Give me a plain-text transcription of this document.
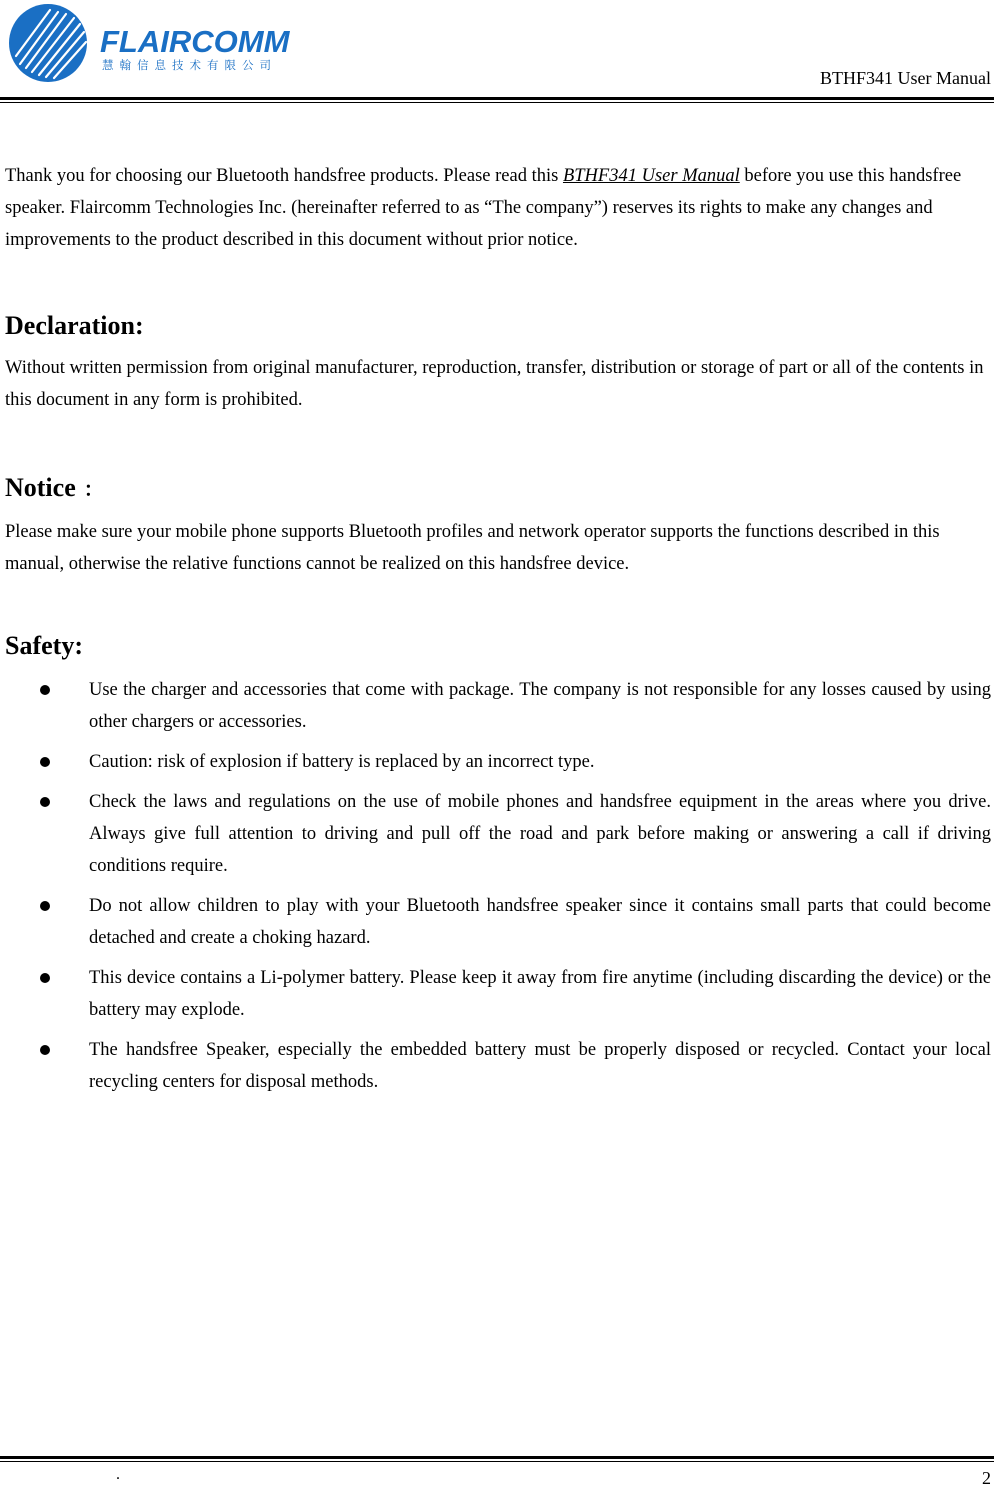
FLAIRCOMM
慧翰信息技术有限公司
BTHF341 User Manual

Thank you for choosing our Bluetooth handsfree products. Please read this BTHF341 User Manual before you use this handsfree speaker. Flaircomm Technologies Inc. (hereinafter referred to as “The company”) reserves its rights to make any changes and improvements to the product described in this document without prior notice.

Declaration:

Without written permission from original manufacturer, reproduction, transfer, distribution or storage of part or all of the contents in this document in any form is prohibited.

Notice ：

Please make sure your mobile phone supports Bluetooth profiles and network operator supports the functions described in this manual, otherwise the relative functions cannot be realized on this handsfree device.

Safety:
Use the charger and accessories that come with package. The company is not responsible for any losses caused by using other chargers or accessories.
Caution: risk of explosion if battery is replaced by an incorrect type.
Check the laws and regulations on the use of mobile phones and handsfree equipment in the areas where you drive. Always give full attention to driving and pull off the road and park before making or answering a call if driving conditions require.
Do not allow children to play with your Bluetooth handsfree speaker since it contains small parts that could become detached and create a choking hazard.
This device contains a Li-polymer battery. Please keep it away from fire anytime (including discarding the device) or the battery may explode.
The handsfree Speaker, especially the embedded battery must be properly disposed or recycled. Contact your local recycling centers for disposal methods.
.	2
